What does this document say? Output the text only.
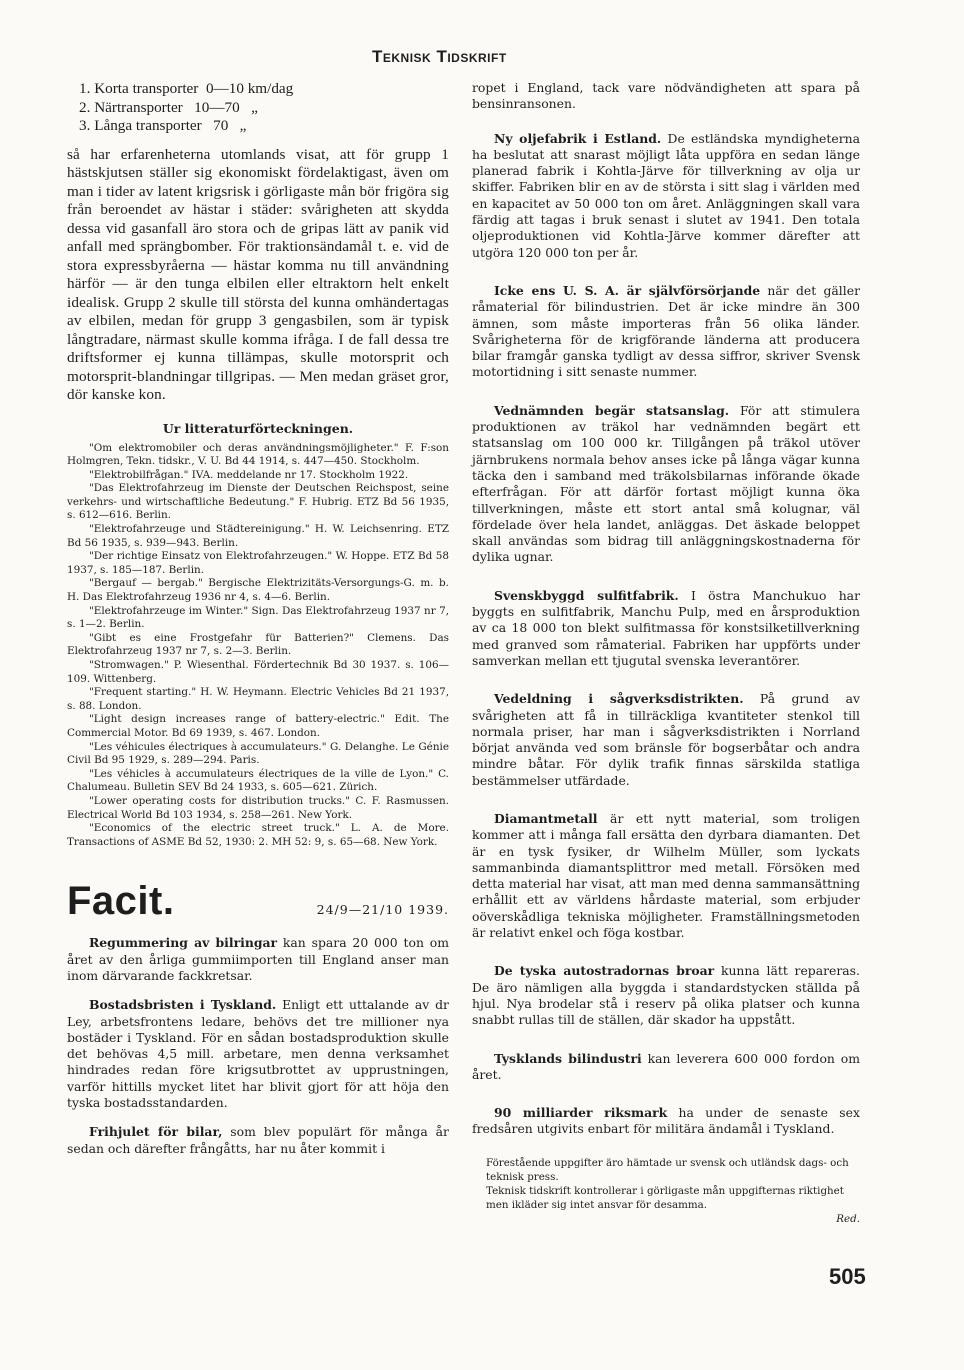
Teknisk Tidskrift
1. Korta transporter  0—10 km/dag
2. Närtransporter   10—70   „
3. Långa transporter   70   „

så har erfarenheterna utomlands visat, att för grupp 1 hästskjutsen ställer sig ekonomiskt fördelaktigast, även om man i tider av latent krigsrisk i görligaste mån bör frigöra sig från beroendet av hästar i städer: svårigheten att skydda dessa vid gasanfall äro stora och de gripas lätt av panik vid anfall med sprängbomber. För traktionsändamål t. e. vid de stora expressbyråerna — hästar komma nu till användning härför — är den tunga elbilen eller eltraktorn helt enkelt idealisk. Grupp 2 skulle till största del kunna omhändertagas av elbilen, medan för grupp 3 gengasbilen, som är typisk långtradare, närmast skulle komma ifråga. I de fall dessa tre driftsformer ej kunna tillämpas, skulle motorsprit och motorsprit-blandningar tillgripas. — Men medan gräset gror, dör kanske kon.

Ur litteraturförteckningen.

"Om elektromobiler och deras användningsmöjligheter." F. F:son Holmgren, Tekn. tidskr., V. U. Bd 44 1914, s. 447—450. Stockholm.

"Elektrobilfrågan." IVA. meddelande nr 17. Stockholm 1922.

"Das Elektrofahrzeug im Dienste der Deutschen Reichspost, seine verkehrs- und wirtschaftliche Bedeutung." F. Hubrig. ETZ Bd 56 1935, s. 612—616. Berlin.

"Elektrofahrzeuge und Städtereinigung." H. W. Leichsenring. ETZ Bd 56 1935, s. 939—943. Berlin.

"Der richtige Einsatz von Elektrofahrzeugen." W. Hoppe. ETZ Bd 58 1937, s. 185—187. Berlin.

"Bergauf — bergab." Bergische Elektrizitäts-Versorgungs-G. m. b. H. Das Elektrofahrzeug 1936 nr 4, s. 4—6. Berlin.

"Elektrofahrzeuge im Winter." Sign. Das Elektrofahrzeug 1937 nr 7, s. 1—2. Berlin.

"Gibt es eine Frostgefahr für Batterien?" Clemens. Das Elektrofahrzeug 1937 nr 7, s. 2—3. Berlin.

"Stromwagen." P. Wiesenthal. Fördertechnik Bd 30 1937. s. 106—109. Wittenberg.

"Frequent starting." H. W. Heymann. Electric Vehicles Bd 21 1937, s. 88. London.

"Light design increases range of battery-electric." Edit. The Commercial Motor. Bd 69 1939, s. 467. London.

"Les véhicules électriques à accumulateurs." G. Delanghe. Le Génie Civil Bd 95 1929, s. 289—294. Paris.

"Les véhicles à accumulateurs électriques de la ville de Lyon." C. Chalumeau. Bulletin SEV Bd 24 1933, s. 605—621. Zürich.

"Lower operating costs for distribution trucks." C. F. Rasmussen. Electrical World Bd 103 1934, s. 258—261. New York.

"Economics of the electric street truck." L. A. de More. Transactions of ASME Bd 52, 1930: 2. MH 52: 9, s. 65—68. New York.

Facit.	24/9—21/10 1939.

Regummering av bilringar kan spara 20 000 ton om året av den årliga gummiimporten till England anser man inom därvarande fackkretsar.

Bostadsbristen i Tyskland. Enligt ett uttalande av dr Ley, arbetsfrontens ledare, behövs det tre millioner nya bostäder i Tyskland. För en sådan bostadsproduktion skulle det behövas 4,5 mill. arbetare, men denna verksamhet hindrades redan före krigsutbrottet av upprustningen, varför hittills mycket litet har blivit gjort för att höja den tyska bostadsstandarden.

Frihjulet för bilar, som blev populärt för många år sedan och därefter frångåtts, har nu åter kommit i

ropet i England, tack vare nödvändigheten att spara på bensinransonen.

Ny oljefabrik i Estland. De estländska myndigheterna ha beslutat att snarast möjligt låta uppföra en sedan länge planerad fabrik i Kohtla-Järve för tillverkning av olja ur skiffer. Fabriken blir en av de största i sitt slag i världen med en kapacitet av 50 000 ton om året. Anläggningen skall vara färdig att tagas i bruk senast i slutet av 1941. Den totala oljeproduktionen vid Kohtla-Järve kommer därefter att utgöra 120 000 ton per år.

Icke ens U. S. A. är självförsörjande när det gäller råmaterial för bilindustrien. Det är icke mindre än 300 ämnen, som måste importeras från 56 olika länder. Svårigheterna för de krigförande länderna att producera bilar framgår ganska tydligt av dessa siffror, skriver Svensk motortidning i sitt senaste nummer.

Vednämnden begär statsanslag. För att stimulera produktionen av träkol har vednämnden begärt ett statsanslag om 100 000 kr. Tillgången på träkol utöver järnbrukens normala behov anses icke på långa vägar kunna täcka den i samband med träkolsbilarnas införande ökade efterfrågan. För att därför fortast möjligt kunna öka tillverkningen, måste ett stort antal små kolugnar, väl fördelade över hela landet, anläggas. Det äskade beloppet skall användas som bidrag till anläggningskostnaderna för dylika ugnar.

Svenskbyggd sulfitfabrik. I östra Manchukuo har byggts en sulfitfabrik, Manchu Pulp, med en årsproduktion av ca 18 000 ton blekt sulfitmassa för konstsilketillverkning med granved som råmaterial. Fabriken har uppförts under samverkan mellan ett tjugutal svenska leverantörer.

Vedeldning i sågverksdistrikten. På grund av svårigheten att få in tillräckliga kvantiteter stenkol till normala priser, har man i sågverksdistrikten i Norrland börjat använda ved som bränsle för bogserbåtar och andra mindre båtar. För dylik trafik finnas särskilda statliga bestämmelser utfärdade.

Diamantmetall är ett nytt material, som troligen kommer att i många fall ersätta den dyrbara diamanten. Det är en tysk fysiker, dr Wilhelm Müller, som lyckats sammanbinda diamantsplittror med metall. Försöken med detta material har visat, att man med denna sammansättning erhållit ett av världens hårdaste material, som erbjuder oöverskådliga tekniska möjligheter. Framställningsmetoden är relativt enkel och föga kostbar.

De tyska autostradornas broar kunna lätt repareras. De äro nämligen alla byggda i standardstycken ställda på hjul. Nya brodelar stå i reserv på olika platser och kunna snabbt rullas till de ställen, där skador ha uppstått.

Tysklands bilindustri kan leverera 600 000 fordon om året.

90 milliarder riksmark ha under de senaste sex fredsåren utgivits enbart för militära ändamål i Tyskland.

Förestående uppgifter äro hämtade ur svensk och utländsk dags- och teknisk press.

Teknisk tidskrift kontrollerar i görligaste mån uppgifternas riktighet men ikläder sig intet ansvar för desamma.

Red.

505
